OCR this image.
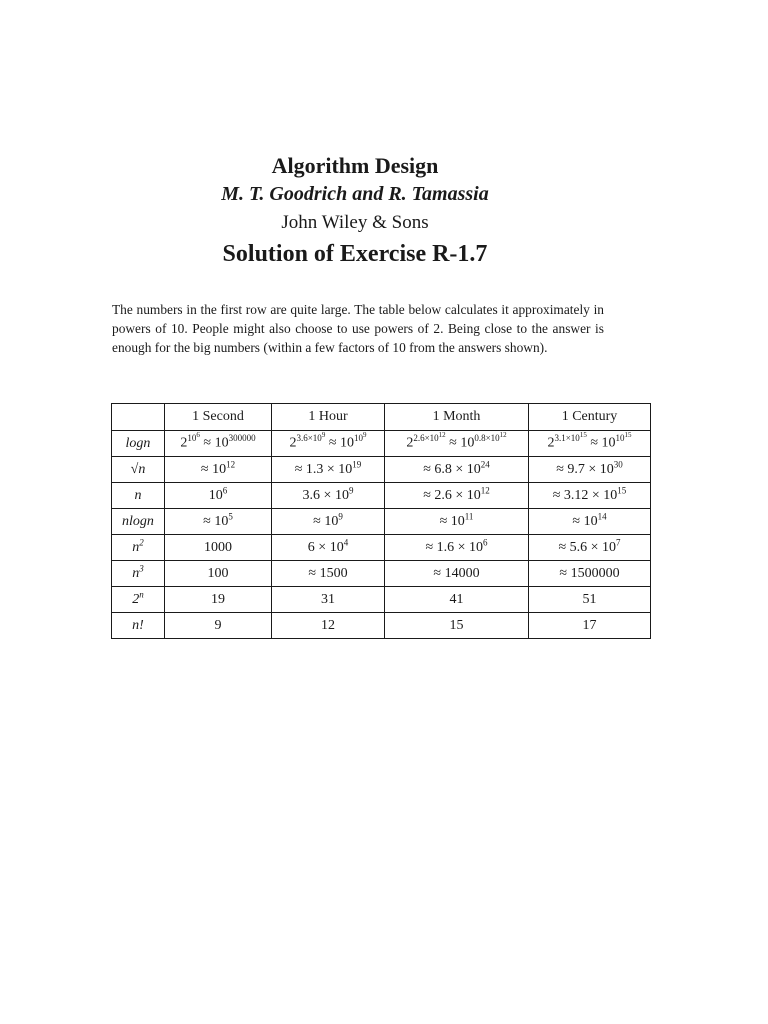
Algorithm Design
M. T. Goodrich and R. Tamassia
John Wiley & Sons
Solution of Exercise R-1.7

The numbers in the first row are quite large. The table below calculates it approximately in powers of 10. People might also choose to use powers of 2. Being close to the answer is enough for the big numbers (within a few factors of 10 from the answers shown).

	1 Second	1 Hour	1 Month	1 Century
logn	$2^{10^6} \approx 10^{300000}$	$2^{3.6\times 10^9} \approx 10^{10^9}$	$2^{2.6\times 10^{12}} \approx 10^{0.8\times 10^{12}}$	$2^{3.1\times 10^{15}} \approx 10^{10^{15}}$
√n	≈ $10^{12}$	≈ $1.3 \times 10^{19}$	≈ $6.8 \times 10^{24}$	≈ $9.7 \times 10^{30}$
n	$10^6$	$3.6 \times 10^9$	≈ $2.6 \times 10^{12}$	≈ $3.12 \times 10^{15}$
nlogn	≈ $10^5$	≈ $10^9$	≈ $10^{11}$	≈ $10^{14}$
$n^2$	1000	$6 \times 10^4$	≈ $1.6 \times 10^6$	≈ $5.6 \times 10^7$
$n^3$	100	≈ 1500	≈ 14000	≈ 1500000
2$^n$	19	31	41	51
n!	9	12	15	17
